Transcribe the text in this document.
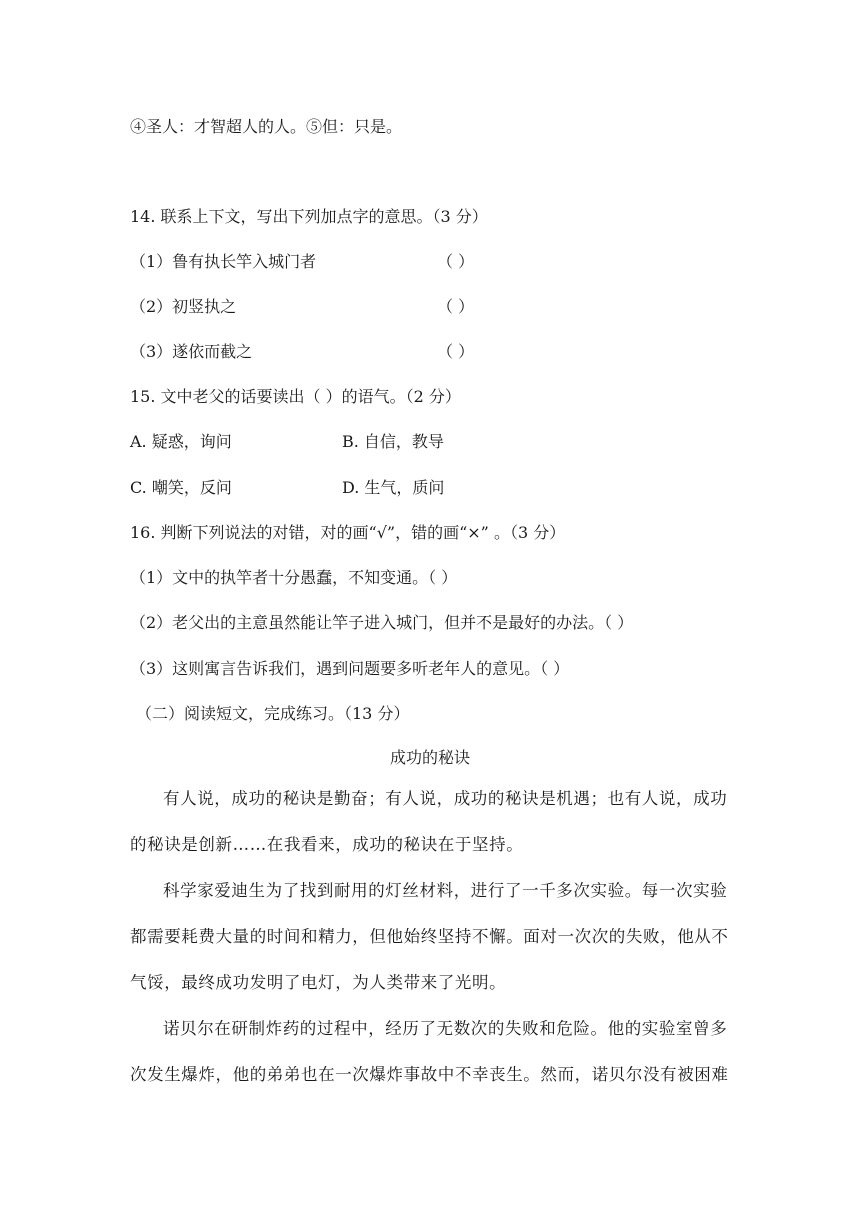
④圣人：才智超人的人。⑤但：只是。
14. 联系上下文，写出下列加点字的意思。（3 分）
（1）鲁有执长竿入城门者	（ ）
（2）初竖执之	（ ）
（3）遂依而截之	（ ）
15. 文中老父的话要读出（ ）的语气。（2 分）
A. 疑惑，询问	B. 自信，教导
C. 嘲笑，反问	D. 生气，质问
16. 判断下列说法的对错，对的画“√”，错的画“×” 。（3 分）
（1）文中的执竿者十分愚蠢，不知变通。（ ）
（2）老父出的主意虽然能让竿子进入城门，但并不是最好的办法。（ ）
（3）这则寓言告诉我们，遇到问题要多听老年人的意见。（ ）
（二）阅读短文，完成练习。（13 分）
成功的秘诀

有人说，成功的秘诀是勤奋；有人说，成功的秘诀是机遇；也有人说，成功的秘诀是创新……在我看来，成功的秘诀在于坚持。

科学家爱迪生为了找到耐用的灯丝材料，进行了一千多次实验。每一次实验都需要耗费大量的时间和精力，但他始终坚持不懈。面对一次次的失败，他从不气馁，最终成功发明了电灯，为人类带来了光明。

诺贝尔在研制炸药的过程中，经历了无数次的失败和危险。他的实验室曾多次发生爆炸，他的弟弟也在一次爆炸事故中不幸丧生。然而，诺贝尔没有被困难
